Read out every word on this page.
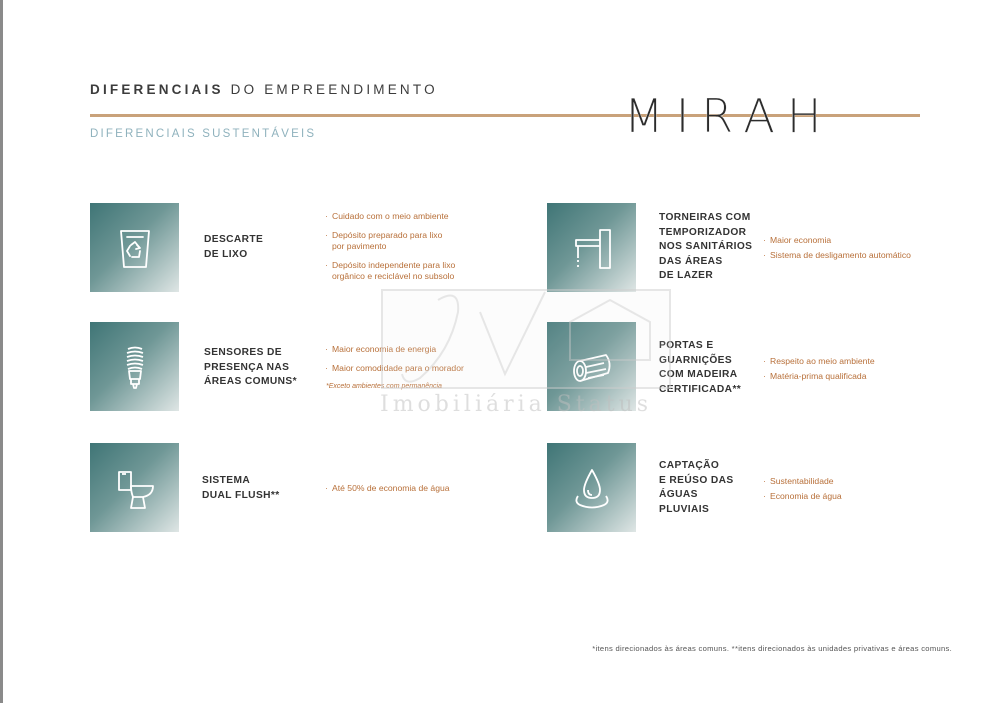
DIFERENCIAIS DO EMPREENDIMENTO
DIFERENCIAIS SUSTENTÁVEIS	MIRAH
DESCARTE
DE LIXO
· Cuidado com o meio ambiente
· Depósito preparado para lixo
por pavimento
· Depósito independente para lixo
orgânico e reciclável no subsolo
TORNEIRAS COM
TEMPORIZADOR
NOS SANITÁRIOS
DAS ÁREAS
DE LAZER
· Maior economia
· Sistema de desligamento automático
SENSORES DE
PRESENÇA NAS
ÁREAS COMUNS*
· Maior economia de energia
· Maior comodidade para o morador
*Exceto ambientes com permanência
PORTAS E
GUARNIÇÕES
COM MADEIRA
CERTIFICADA**
· Respeito ao meio ambiente
· Matéria-prima qualificada
SISTEMA
DUAL FLUSH**
· Até 50% de economia de água
CAPTAÇÃO
E REÚSO DAS
ÁGUAS
PLUVIAIS
· Sustentabilidade
· Economia de água
*itens direcionados às áreas comuns. **itens direcionados às unidades privativas e áreas comuns.
Imobiliária Status
